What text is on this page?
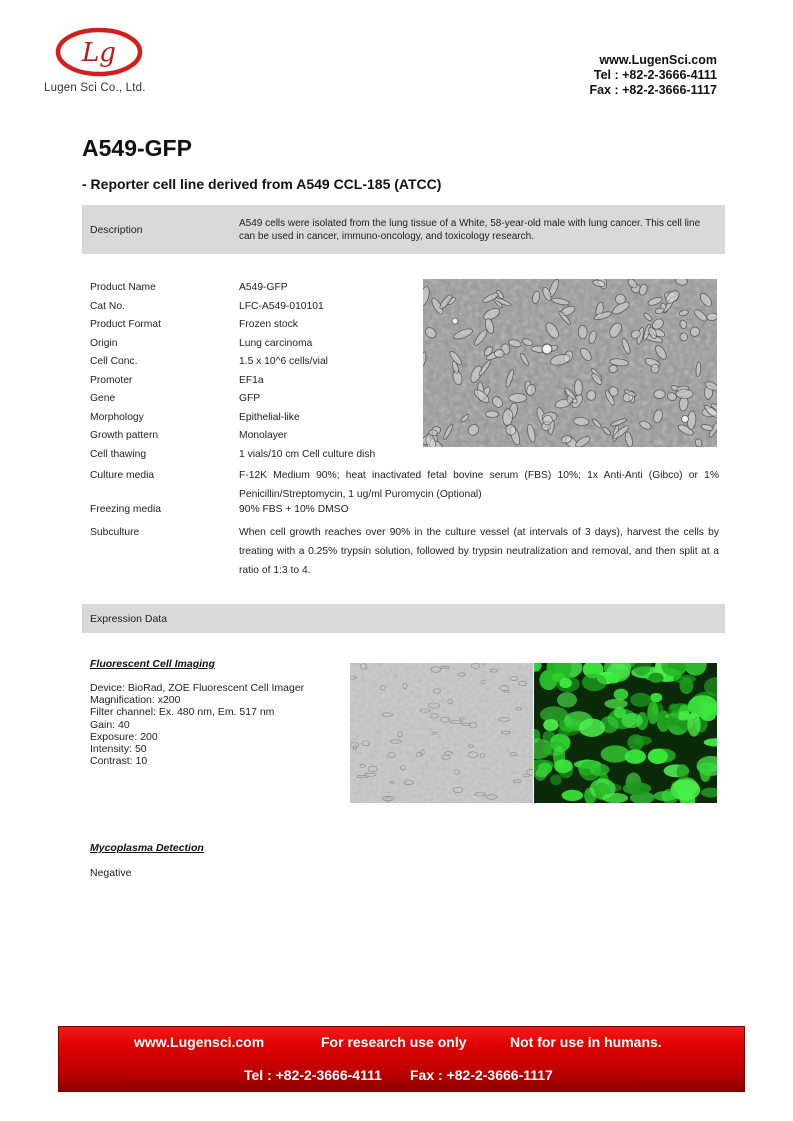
Lg
Lugen Sci Co., Ltd.
www.LugenSci.com
Tel : +82-2-3666-4111
Fax : +82-2-3666-1117
A549-GFP
- Reporter cell line derived from A549 CCL-185 (ATCC)
Description
A549 cells were isolated from the lung tissue of a White, 58-year-old male with lung cancer. This cell line can be used in cancer, immuno-oncology, and toxicology research.
Product Name	A549-GFP
Cat No.	LFC-A549-010101
Product Format	Frozen stock
Origin	Lung carcinoma
Cell Conc.	1.5 x 10^6 cells/vial
Promoter	EF1a
Gene	GFP
Morphology	Epithelial-like
Growth pattern	Monolayer
Cell thawing	1 vials/10 cm Cell culture dish
Culture media	F-12K Medium 90%; heat inactivated fetal bovine serum (FBS) 10%; 1x Anti-Anti (Gibco) or 1% Penicillin/Streptomycin, 1 ug/ml Puromycin (Optional)
Freezing media	90% FBS + 10% DMSO
Subculture	When cell growth reaches over 90% in the culture vessel (at intervals of 3 days), harvest the cells by treating with a 0.25% trypsin solution, followed by trypsin neutralization and removal, and then split at a ratio of 1:3 to 4.
Expression Data
Fluorescent Cell Imaging
Device: BioRad, ZOE Fluorescent Cell Imager
Magnification: x200
Filter channel: Ex. 480 nm, Em. 517 nm
Gain: 40
Exposure: 200
Intensity: 50
Contrast: 10
Mycoplasma Detection
Negative
www.Lugensci.com	For research use only	Not for use in humans.
Tel : +82-2-3666-4111 Fax : +82-2-3666-1117
